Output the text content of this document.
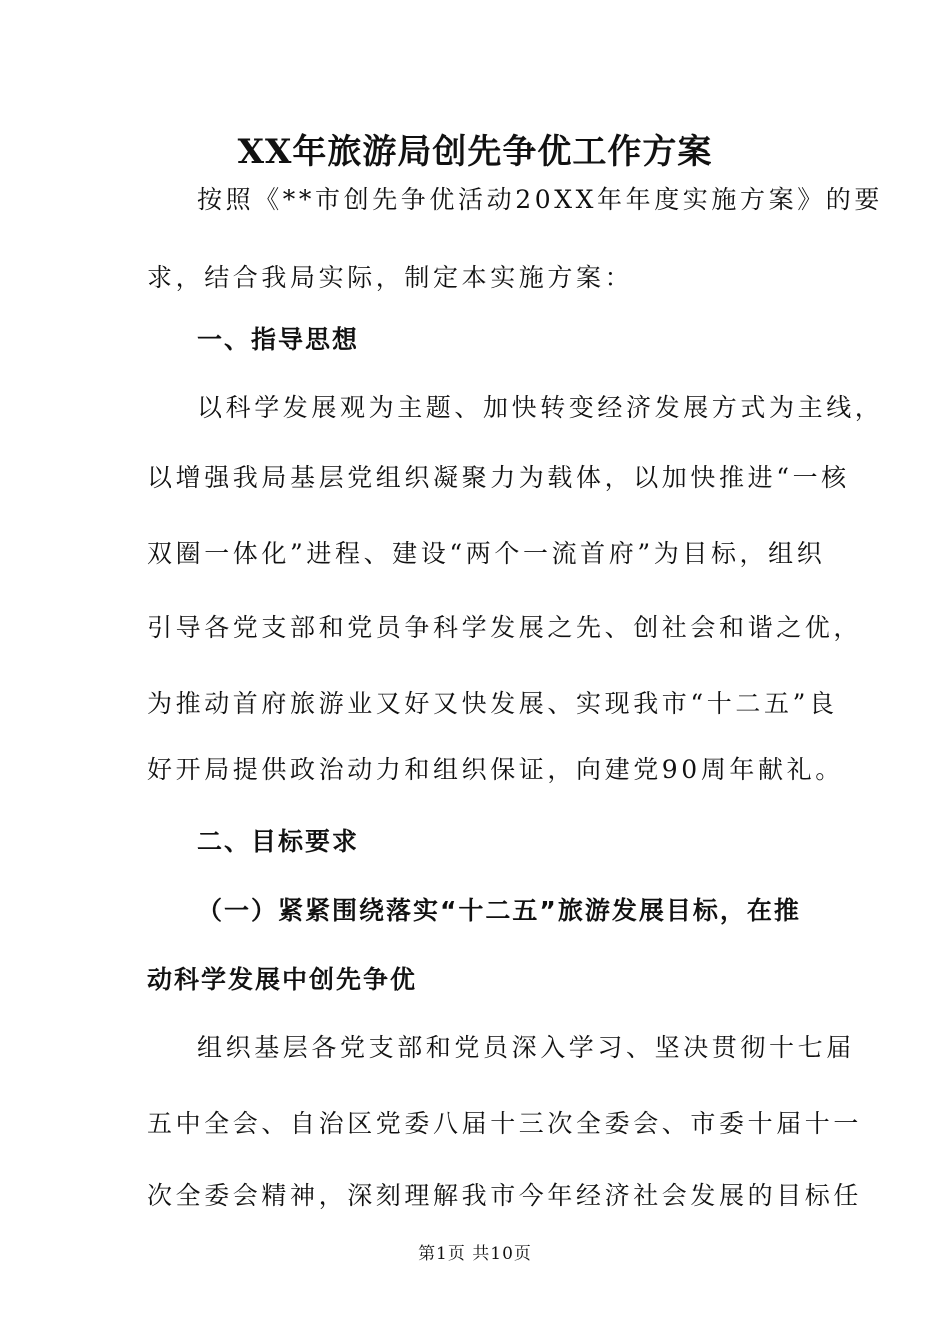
XX年旅游局创先争优工作方案

按照《**市创先争优活动20XX年年度实施方案》的要

求，结合我局实际，制定本实施方案：

一、指导思想

以科学发展观为主题、加快转变经济发展方式为主线，

以增强我局基层党组织凝聚力为载体，以加快推进“一核

双圈一体化”进程、建设“两个一流首府”为目标，组织

引导各党支部和党员争科学发展之先、创社会和谐之优，

为推动首府旅游业又好又快发展、实现我市“十二五”良

好开局提供政治动力和组织保证，向建党90周年献礼。

二、目标要求

（一）紧紧围绕落实“十二五”旅游发展目标，在推

动科学发展中创先争优

组织基层各党支部和党员深入学习、坚决贯彻十七届

五中全会、自治区党委八届十三次全委会、市委十届十一

次全委会精神，深刻理解我市今年经济社会发展的目标任

第1页 共10页
